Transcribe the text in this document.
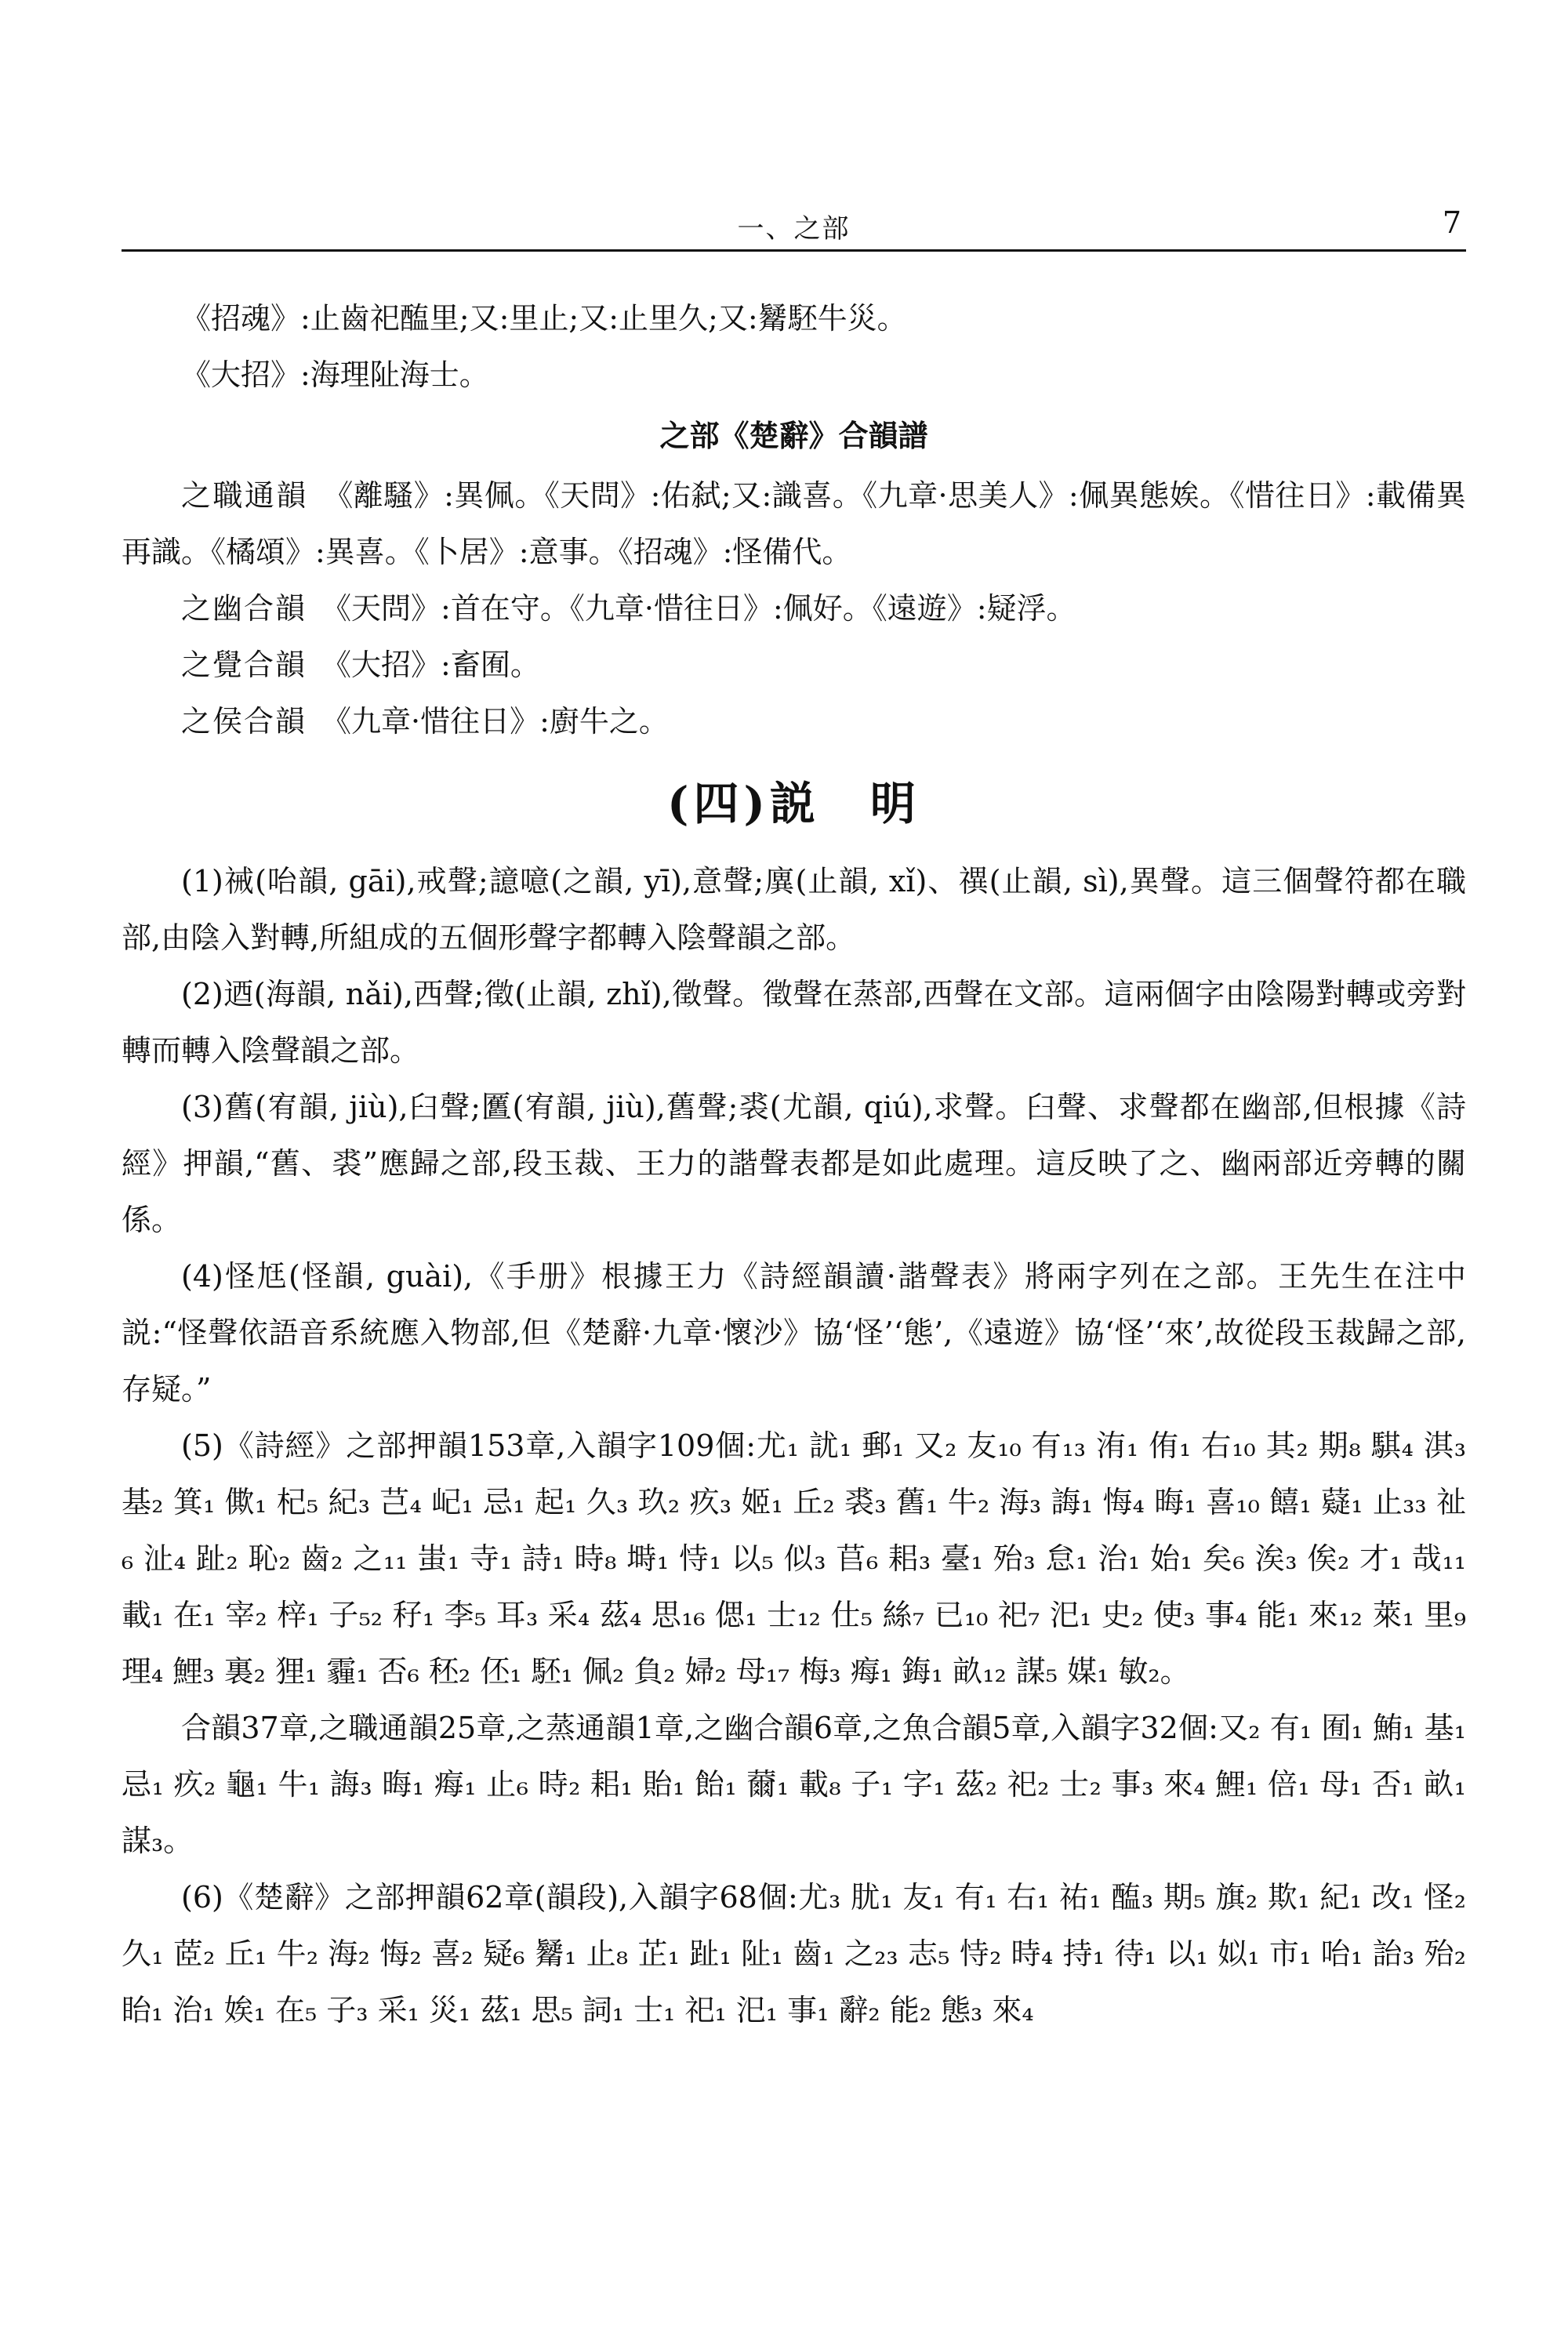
一、之部	7

《招魂》:止齒祀醢里;又:里止;又:止里久;又:觺駓牛災。

《大招》:海理阯海士。

之部《楚辭》合韻譜

之職通韻　 《離騷》:異佩。《天問》:佑弑;又:識喜。《九章·思美人》:佩異態娭。《惜往日》:載備異再識。《橘頌》:異喜。《卜居》:意事。《招魂》:怪備代。

之幽合韻　 《天問》:首在守。《九章·惜往日》:佩好。《遠遊》:疑浮。

之覺合韻　 《大招》:畜囿。

之侯合韻　 《九章·惜往日》:廚牛之。

(四)説　明

(1)祴(咍韻, gāi),戒聲;譩噫(之韻, yī),意聲;廙(止韻, xǐ)、禩(止韻, sì),異聲。這三個聲符都在職部,由陰入對轉,所組成的五個形聲字都轉入陰聲韻之部。

(2)迺(海韻, nǎi),西聲;徵(止韻, zhǐ),徵聲。徵聲在蒸部,西聲在文部。這兩個字由陰陽對轉或旁對轉而轉入陰聲韻之部。

(3)舊(宥韻, jiù),臼聲;匶(宥韻, jiù),舊聲;裘(尤韻, qiú),求聲。臼聲、求聲都在幽部,但根據《詩經》押韻,“舊、裘”應歸之部,段玉裁、王力的諧聲表都是如此處理。這反映了之、幽兩部近旁轉的關係。

(4)怪尪(怪韻, guài),《手册》根據王力《詩經韻讀·諧聲表》將兩字列在之部。王先生在注中説:“怪聲依語音系統應入物部,但《楚辭·九章·懷沙》協‘怪’‘態’,《遠遊》協‘怪’‘來’,故從段玉裁歸之部,存疑。”

(5)《詩經》之部押韻153章,入韻字109個:尤₁ 訧₁ 郵₁ 又₂ 友₁₀ 有₁₃ 洧₁ 侑₁ 右₁₀ 其₂ 期₈ 騏₄ 淇₃ 基₂ 箕₁ 僛₁ 杞₅ 紀₃ 芑₄ 屺₁ 忌₁ 起₁ 久₃ 玖₂ 疚₃ 姬₁ 丘₂ 裘₃ 舊₁ 牛₂ 海₃ 誨₁ 悔₄ 晦₁ 喜₁₀ 饎₁ 薿₁ 止₃₃ 祉₆ 沚₄ 趾₂ 恥₂ 齒₂ 之₁₁ 蚩₁ 寺₁ 詩₁ 時₈ 塒₁ 恃₁ 以₅ 似₃ 苢₆ 耜₃ 臺₁ 殆₃ 怠₁ 治₁ 始₁ 矣₆ 涘₃ 俟₂ 才₁ 哉₁₁ 載₁ 在₁ 宰₂ 梓₁ 子₅₂ 秄₁ 李₅ 耳₃ 采₄ 茲₄ 思₁₆ 偲₁ 士₁₂ 仕₅ 絲₇ 已₁₀ 祀₇ 汜₁ 史₂ 使₃ 事₄ 能₁ 來₁₂ 萊₁ 里₉ 理₄ 鯉₃ 裏₂ 狸₁ 霾₁ 否₆ 秠₂ 伾₁ 駓₁ 佩₂ 負₂ 婦₂ 母₁₇ 梅₃ 痗₁ 鋂₁ 畝₁₂ 謀₅ 媒₁ 敏₂。

合韻37章,之職通韻25章,之蒸通韻1章,之幽合韻6章,之魚合韻5章,入韻字32個:又₂ 有₁ 囿₁ 鮪₁ 基₁ 忌₁ 疚₂ 龜₁ 牛₁ 誨₃ 晦₁ 痗₁ 止₆ 時₂ 耜₁ 貽₁ 飴₁ 薾₁ 載₈ 子₁ 字₁ 茲₂ 祀₂ 士₂ 事₃ 來₄ 鯉₁ 倍₁ 母₁ 否₁ 畝₁ 謀₃。

(6)《楚辭》之部押韻62章(韻段),入韻字68個:尤₃ 肬₁ 友₁ 有₁ 右₁ 祐₁ 醢₃ 期₅ 旗₂ 欺₁ 紀₁ 改₁ 怪₂ 久₁ 茝₂ 丘₁ 牛₂ 海₂ 悔₂ 喜₂ 疑₆ 觺₁ 止₈ 芷₁ 趾₁ 阯₁ 齒₁ 之₂₃ 志₅ 恃₂ 時₄ 持₁ 待₁ 以₁ 姒₁ 市₁ 咍₁ 詒₃ 殆₂ 眙₁ 治₁ 娭₁ 在₅ 子₃ 采₁ 災₁ 茲₁ 思₅ 詞₁ 士₁ 祀₁ 汜₁ 事₁ 辭₂ 能₂ 態₃ 來₄
